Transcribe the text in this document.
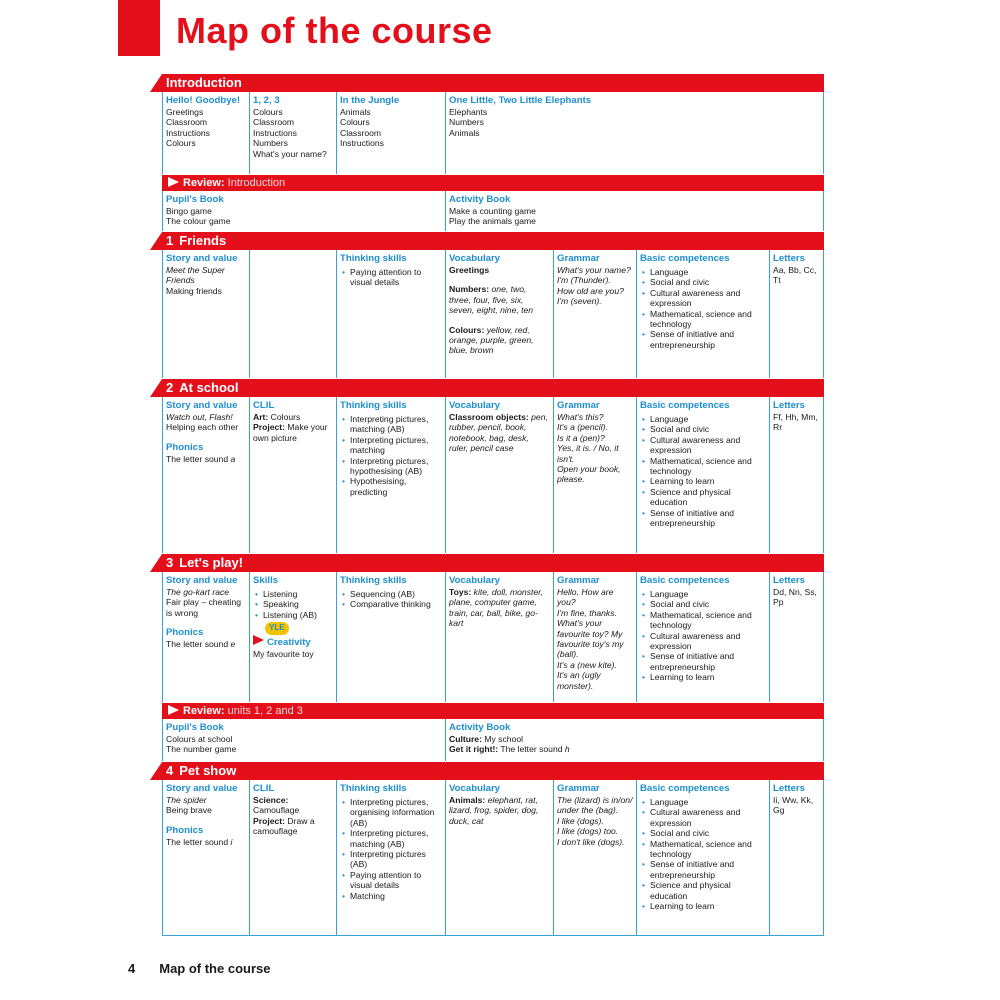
Map of the course
Introduction
Hello! Goodbye!
Greetings
Classroom
Instructions
Colours
1, 2, 3
Colours
Classroom
Instructions
Numbers
What's your name?
In the Jungle
Animals
Colours
Classroom
Instructions
One Little, Two Little Elephants
Elephants
Numbers
Animals
Review: Introduction
Pupil's Book
Bingo game
The colour game
Activity Book
Make a counting game
Play the animals game
1 Friends
Story and value
Meet the Super
Friends
Making friends
Thinking skills
• Paying attention to visual details
Vocabulary
Greetings
Numbers: one, two, three, four, five, six, seven, eight, nine, ten
Colours: yellow, red, orange, purple, green, blue, brown
Grammar
What's your name?
I'm (Thunder).
How old are you?
I'm (seven).
Basic competences
• Language
• Social and civic
• Cultural awareness and expression
• Mathematical, science and technology
• Sense of initiative and entrepreneurship
Letters
Aa, Bb, Cc, Tt
2 At school
Story and value
Watch out, Flash!
Helping each other
Phonics
The letter sound a
CLIL
Art: Colours
Project: Make your own picture
Thinking skills
• Interpreting pictures, matching (AB)
• Interpreting pictures, matching
• Interpreting pictures, hypothesising (AB)
• Hypothesising, predicting
Vocabulary
Classroom objects: pen, rubber, pencil, book, notebook, bag, desk, ruler, pencil case
Grammar
What's this?
It's a (pencil).
Is it a (pen)?
Yes, it is. / No, it isn't.
Open your book, please.
Basic competences
• Language
• Social and civic
• Cultural awareness and expression
• Mathematical, science and technology
• Learning to learn
• Science and physical education
• Sense of initiative and entrepreneurship
Letters
Ff, Hh, Mm, Rr
3 Let's play!
Story and value
The go-kart race
Fair play – cheating is wrong
Phonics
The letter sound e
Skills
• Listening
• Speaking
• Listening (AB)
YLE
Creativity
My favourite toy
Thinking skills
• Sequencing (AB)
• Comparative thinking
Vocabulary
Toys: kite, doll, monster, plane, computer game, train, car, ball, bike, go-kart
Grammar
Hello. How are you?
I'm fine, thanks.
What's your favourite toy? My favourite toy's my (ball).
It's a (new kite).
It's an (ugly monster).
Basic competences
• Language
• Social and civic
• Mathematical, science and technology
• Cultural awareness and expression
• Sense of initiative and entrepreneurship
• Learning to learn
Letters
Dd, Nn, Ss, Pp
Review: units 1, 2 and 3
Pupil's Book
Colours at school
The number game
Activity Book
Culture: My school
Get it right!: The letter sound h
4 Pet show
Story and value
The spider
Being brave
Phonics
The letter sound i
CLIL
Science: Camouflage
Project: Draw a camouflage
Thinking skills
• Interpreting pictures, organising information (AB)
• Interpreting pictures, matching (AB)
• Interpreting pictures (AB)
• Paying attention to visual details
• Matching
Vocabulary
Animals: elephant, rat, lizard, frog, spider, dog, duck, cat
Grammar
The (lizard) is in/on/ under the (bag).
I like (dogs).
I like (dogs) too.
I don't like (dogs).
Basic competences
• Language
• Cultural awareness and expression
• Social and civic
• Mathematical, science and technology
• Sense of initiative and entrepreneurship
• Science and physical education
• Learning to learn
Letters
Ii, Ww, Kk, Gg
4 Map of the course
